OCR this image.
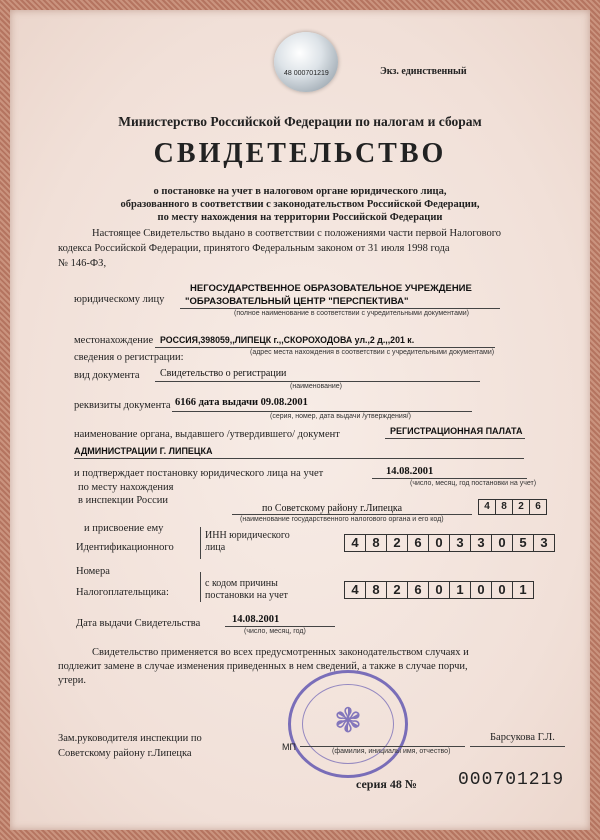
48 000701219	Экз. единственный
Министерство Российской Федерации по налогам и сборам
СВИДЕТЕЛЬСТВО
о постановке на учет в налоговом органе юридического лица,
образованного в соответствии с законодательством Российской Федерации,
по месту нахождения на территории Российской Федерации
Настоящее Свидетельство выдано в соответствии с положениями части первой Налогового
кодекса Российской Федерации, принятого Федеральным законом от 31 июля 1998 года
№ 146-ФЗ,
НЕГОСУДАРСТВЕННОЕ ОБРАЗОВАТЕЛЬНОЕ УЧРЕЖДЕНИЕ
юридическому лицу "ОБРАЗОВАТЕЛЬНЫЙ ЦЕНТР "ПЕРСПЕКТИВА"
(полное наименование в соответствии с учредительными документами)
местонахождение РОССИЯ,398059,,ЛИПЕЦК г.,,СКОРОХОДОВА ул.,2 д.,,201 к.
(адрес места нахождения в соответствии с учредительными документами)
сведения о регистрации:
вид документа Свидетельство о регистрации
(наименование)
реквизиты документа 6166 дата выдачи 09.08.2001
(серия, номер, дата выдачи /утверждения/)
наименование органа, выдавшего /утвердившего/ документ	РЕГИСТРАЦИОННАЯ ПАЛАТА
АДМИНИСТРАЦИИ Г. ЛИПЕЦКА
и подтверждает постановку юридического лица на учет	14.08.2001
(число, месяц, год постановки на учет)
по месту нахождения
в инспекции России
по Советскому району г.Липецка
(наименование государственного налогового органа и его код)
4	8	2	6
и присвоение ему
Идентификационного
Номера
Налогоплательщика:
ИНН юридического
лица	4	8	2	6	0	3	3	0	5	3
с кодом причины
постановки на учет	4	8	2	6	0	1	0	0	1
Дата выдачи Свидетельства	14.08.2001
(число, месяц, год)
Свидетельство применяется во всех предусмотренных законодательством случаях и
подлежит замене в случае изменения приведенных в нем сведений, а также в случае порчи,
утери.
❃
Зам.руководителя инспекции по
Советскому району г.Липецка
МП	(фамилия, инициалы имя, отчество)
Барсукова Г.Л.
серия 48 № 000701219
